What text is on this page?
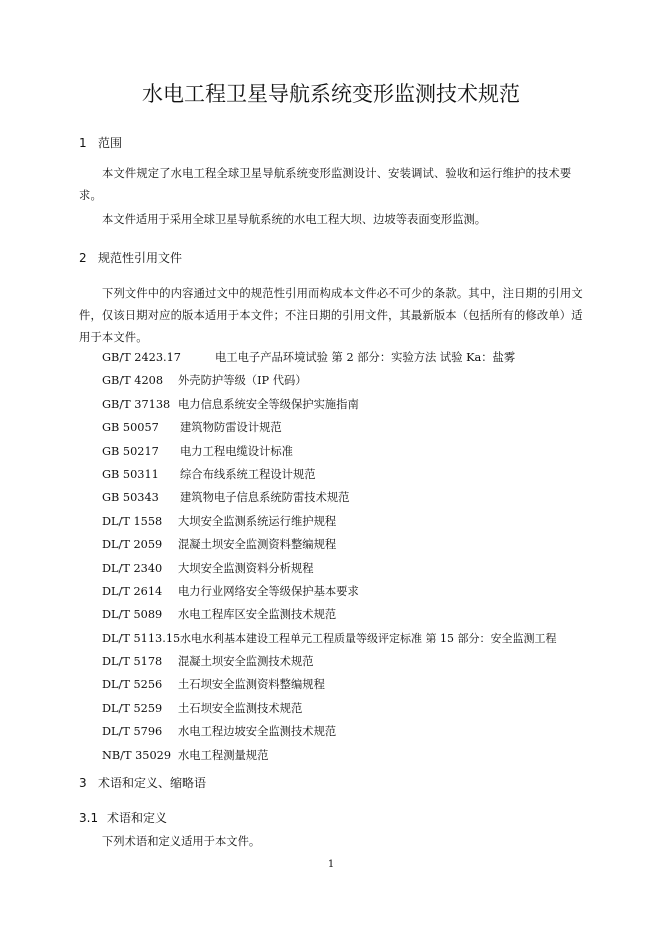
水电工程卫星导航系统变形监测技术规范
1 范围
本文件规定了水电工程全球卫星导航系统变形监测设计、安装调试、验收和运行维护的技术要求。
本文件适用于采用全球卫星导航系统的水电工程大坝、边坡等表面变形监测。
2 规范性引用文件
下列文件中的内容通过文中的规范性引用而构成本文件必不可少的条款。其中，注日期的引用文件，仅该日期对应的版本适用于本文件；不注日期的引用文件，其最新版本（包括所有的修改单）适用于本文件。
GB/T 2423.17	电工电子产品环境试验 第 2 部分：实验方法 试验 Ka：盐雾
GB/T 4208 外壳防护等级（IP 代码）
GB/T 37138 电力信息系统安全等级保护实施指南
GB 50057 建筑物防雷设计规范
GB 50217 电力工程电缆设计标准
GB 50311 综合布线系统工程设计规范
GB 50343 建筑物电子信息系统防雷技术规范
DL/T 1558 大坝安全监测系统运行维护规程
DL/T 2059 混凝土坝安全监测资料整编规程
DL/T 2340 大坝安全监测资料分析规程
DL/T 2614 电力行业网络安全等级保护基本要求
DL/T 5089 水电工程库区安全监测技术规范
DL/T 5113.15水电水利基本建设工程单元工程质量等级评定标准 第 15 部分：安全监测工程
DL/T 5178 混凝土坝安全监测技术规范
DL/T 5256 土石坝安全监测资料整编规程
DL/T 5259 土石坝安全监测技术规范
DL/T 5796 水电工程边坡安全监测技术规范
NB/T 35029 水电工程测量规范
3 术语和定义、缩略语
3.1 术语和定义
下列术语和定义适用于本文件。
1
